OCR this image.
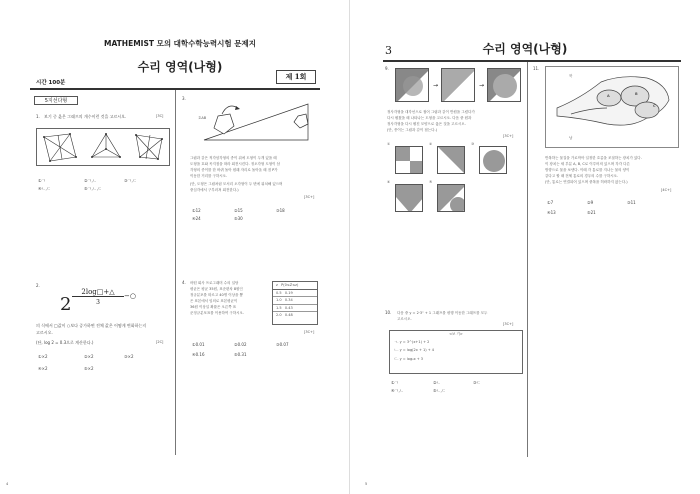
MATHEMIST 모의 대학수학능력시험 문제지
수리 영역(나형)
시간 100분
제 1회
5지선다형
1. 보기 중 옳은 그래프의 개수이런 것을 고르시오.	[3C]
①ㄱ	②ㄱ,ㄴ	③ㄱ,ㄷ
④ㄴ,ㄷ	⑤ㄱ,ㄴ,ㄷ
2.
2
2log□+△
3
−○
의 식에서 □값이 ○보다 증가하면 전체 값은 어떻게 변화하는지
고르시오.
(단, log 2 = 0.3으로 계산한다.)	[2C]
①×2	②×2	③×2
④×2	⑤×2
3.
호AB
그림과 같은 직각삼각형의 종이 위에 도형이 두개 있을 때
도형을 호와 꼭지점을 따라 회전시킨다. 정오각형 도형이 삼
각형의 종이를 한 바퀴 돌아 원래 자리로 돌아올 때 점 P가
이동한 거리를 구하시오.
(단, 도형은 그림처럼 모서리 오각형이 두 변에 위치해 있으며
중심각에서 구부러져 회전한다.)
[3C+]
①12	②15	③18
④24	⑤30
4. 어떤 회사 프로그래머 수의 일당
평균은 평균 35원, 표준편차 8원인
정규분포를 따르고 40명 이상을 뽑
은 표본에서 임의로 표본평균이
36원 이상일 확률은 오른쪽 표
준정규분포표를 이용하여 구하시오.
z   P(0≤Z≤z)
0.5   0.19
1.0   0.34
1.5   0.43
2.0   0.48
[3C+]
①0.01	②0.02	③0.07
④0.16	⑤0.31
4
3	수리 영역(나형)
9.
→	→
정사각형을 대각선으로 접어 그림과 같이 반원을 그렸다가
다시 펼쳤을 때 나타나는 도형을 고르시오. 다음 중 원과
정사각형을 다시 펼친 모양으로 옳은 것을 고르시오.
(단, 종이는 그림과 같이 접는다.)
[3C+]
①	②	③
④	⑤
10. 다음 중 y = 2·3ˣ + 1 그래프를 평행 이동한 그래프를 모두
고르시오.
[3C+]
<보 기>
ㄱ. y = 3^(x+1) + 2
ㄴ. y = log(2x + 1) + 4
ㄷ. y = log₃x + 3
①ㄱ	②ㄴ	③ㄷ
④ㄱ,ㄴ	⑤ㄴ,ㄷ
11.
북
남
A	B
C
반복하는 물질을 가로막아 일정한 흐름을 조절하는 장치가 있다.
이 장치는 세 부분 A, B, C로 이루어져 있으며 각각 다른
방향으로 물을 보낸다. 이때 각 통로를 지나는 물의 양이
같다고 할 때 전체 통로의 경우의 수를 구하시오.
(단, 통로는 연결되어 있으며 중복을 허락하지 않는다.)
[4C+]
①7	②9	③11
④13	⑤21
5
